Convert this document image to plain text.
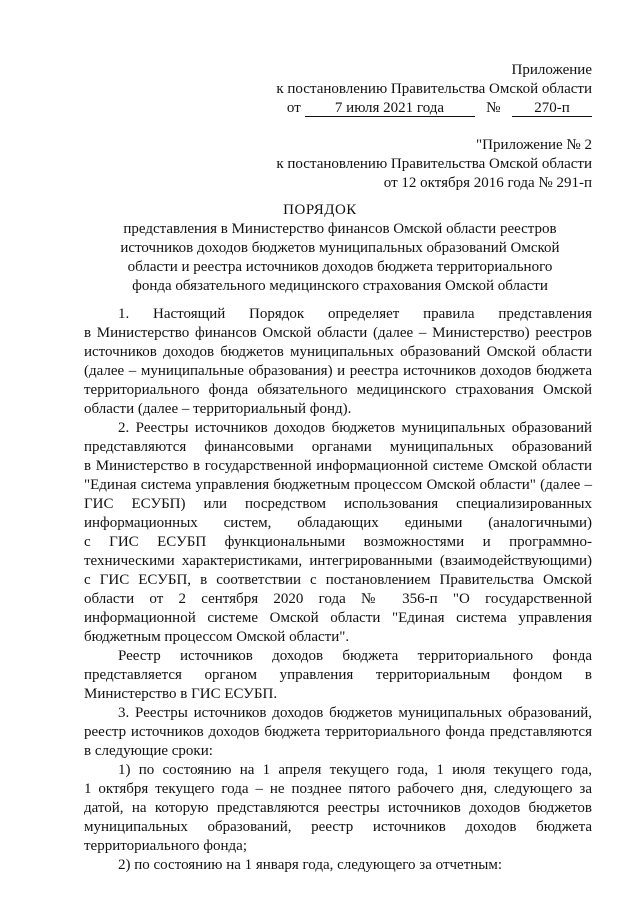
Приложение
к постановлению Правительства Омской области
от 7 июля 2021 года	№ 270-п
"Приложение № 2
к постановлению Правительства Омской области
от 12 октября 2016 года № 291-п
ПОРЯДОК
представления в Министерство финансов Омской области реестров
источников доходов бюджетов муниципальных образований Омской
области и реестра источников доходов бюджета территориального
фонда обязательного медицинского страхования Омской области
1. Настоящий Порядок определяет правила представления
в Министерство финансов Омской области (далее – Министерство) реестров
источников доходов бюджетов муниципальных образований Омской области
(далее – муниципальные образования) и реестра источников доходов бюджета
территориального фонда обязательного медицинского страхования Омской
области (далее – территориальный фонд).
2. Реестры источников доходов бюджетов муниципальных образований
представляются финансовыми органами муниципальных образований
в Министерство в государственной информационной системе Омской области
"Единая система управления бюджетным процессом Омской области" (далее –
ГИС ЕСУБП) или посредством использования специализированных
информационных систем, обладающих едиными (аналогичными)
с ГИС ЕСУБП функциональными возможностями и программно-
техническими характеристиками, интегрированными (взаимодействующими)
с ГИС ЕСУБП, в соответствии с постановлением Правительства Омской
области от 2 сентября 2020 года № 356-п "О государственной
информационной системе Омской области "Единая система управления
бюджетным процессом Омской области".
Реестр источников доходов бюджета территориального фонда
представляется органом управления территориальным фондом в
Министерство в ГИС ЕСУБП.
3. Реестры источников доходов бюджетов муниципальных образований,
реестр источников доходов бюджета территориального фонда представляются
в следующие сроки:
1) по состоянию на 1 апреля текущего года, 1 июля текущего года,
1 октября текущего года – не позднее пятого рабочего дня, следующего за
датой, на которую представляются реестры источников доходов бюджетов
муниципальных образований, реестр источников доходов бюджета
территориального фонда;
2) по состоянию на 1 января года, следующего за отчетным:
